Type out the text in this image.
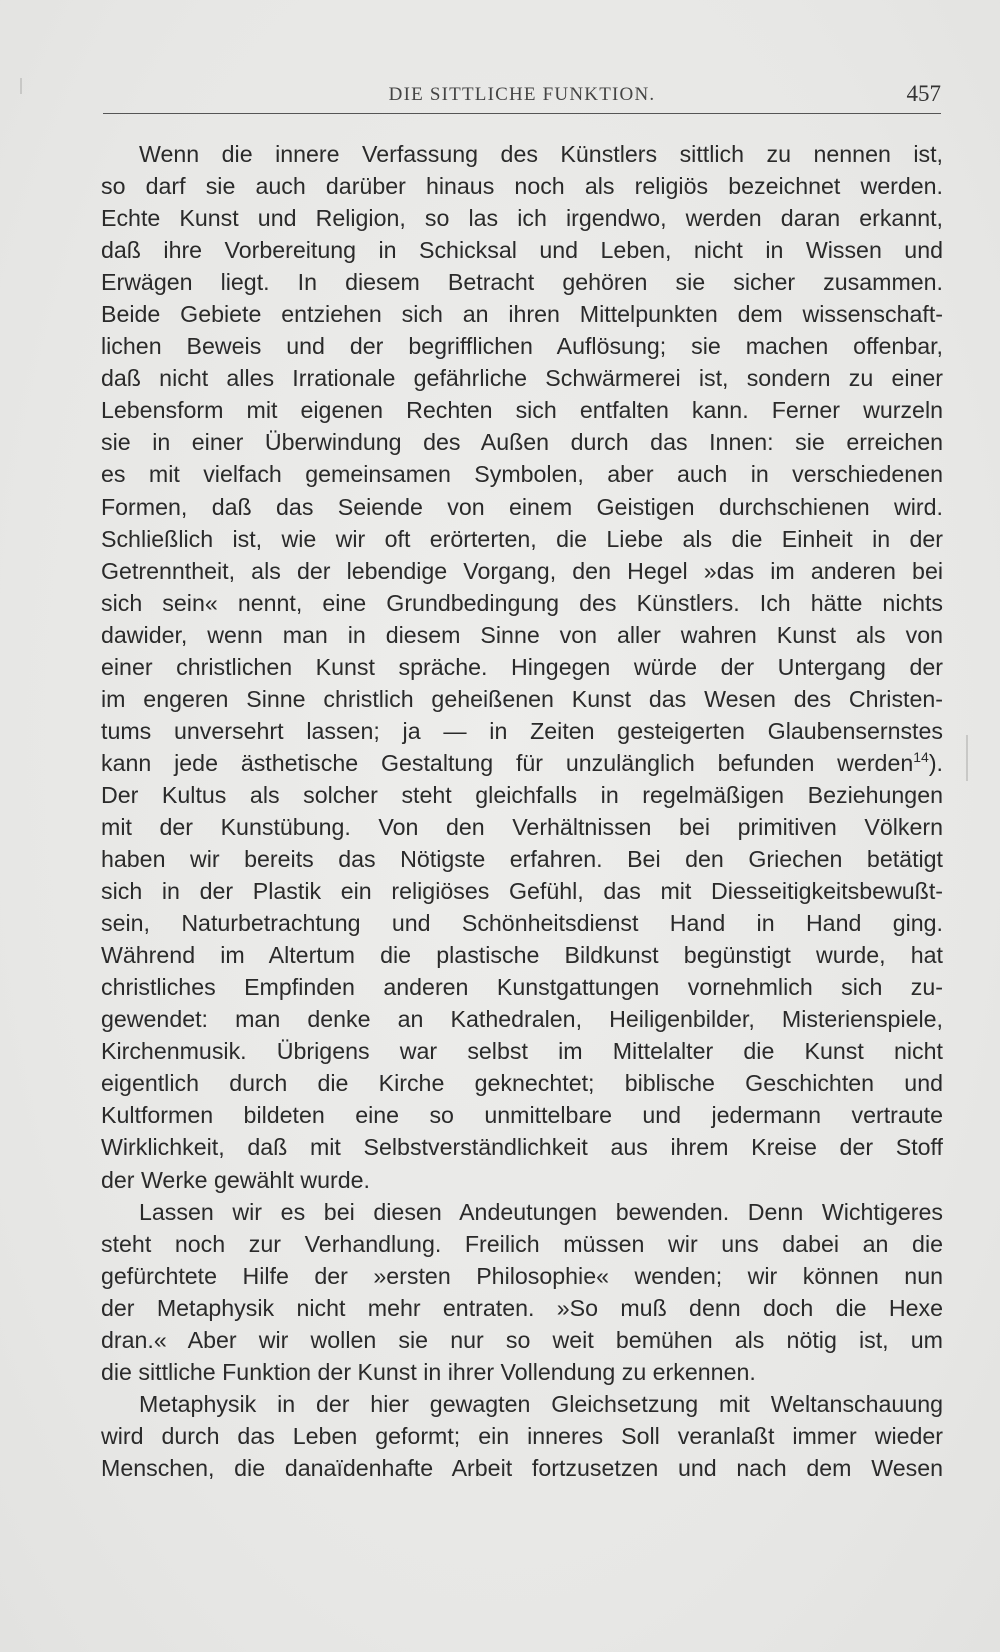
DIE SITTLICHE FUNKTION.	457
Wenn die innere Verfassung des Künstlers sittlich zu nennen ist,
so darf sie auch darüber hinaus noch als religiös bezeichnet werden.
Echte Kunst und Religion, so las ich irgendwo, werden daran erkannt,
daß ihre Vorbereitung in Schicksal und Leben, nicht in Wissen und
Erwägen liegt. In diesem Betracht gehören sie sicher zusammen.
Beide Gebiete entziehen sich an ihren Mittelpunkten dem wissenschaft-
lichen Beweis und der begrifflichen Auflösung; sie machen offenbar,
daß nicht alles Irrationale gefährliche Schwärmerei ist, sondern zu einer
Lebensform mit eigenen Rechten sich entfalten kann. Ferner wurzeln
sie in einer Überwindung des Außen durch das Innen: sie erreichen
es mit vielfach gemeinsamen Symbolen, aber auch in verschiedenen
Formen, daß das Seiende von einem Geistigen durchschienen wird.
Schließlich ist, wie wir oft erörterten, die Liebe als die Einheit in der
Getrenntheit, als der lebendige Vorgang, den Hegel »das im anderen bei
sich sein« nennt, eine Grundbedingung des Künstlers. Ich hätte nichts
dawider, wenn man in diesem Sinne von aller wahren Kunst als von
einer christlichen Kunst spräche. Hingegen würde der Untergang der
im engeren Sinne christlich geheißenen Kunst das Wesen des Christen-
tums unversehrt lassen; ja — in Zeiten gesteigerten Glaubensernstes
kann jede ästhetische Gestaltung für unzulänglich befunden werden$^{14}$).
Der Kultus als solcher steht gleichfalls in regelmäßigen Beziehungen
mit der Kunstübung. Von den Verhältnissen bei primitiven Völkern
haben wir bereits das Nötigste erfahren. Bei den Griechen betätigt
sich in der Plastik ein religiöses Gefühl, das mit Diesseitigkeitsbewußt-
sein, Naturbetrachtung und Schönheitsdienst Hand in Hand ging.
Während im Altertum die plastische Bildkunst begünstigt wurde, hat
christliches Empfinden anderen Kunstgattungen vornehmlich sich zu-
gewendet: man denke an Kathedralen, Heiligenbilder, Misterienspiele,
Kirchenmusik. Übrigens war selbst im Mittelalter die Kunst nicht
eigentlich durch die Kirche geknechtet; biblische Geschichten und
Kultformen bildeten eine so unmittelbare und jedermann vertraute
Wirklichkeit, daß mit Selbstverständlichkeit aus ihrem Kreise der Stoff
der Werke gewählt wurde.
Lassen wir es bei diesen Andeutungen bewenden. Denn Wichtigeres
steht noch zur Verhandlung. Freilich müssen wir uns dabei an die
gefürchtete Hilfe der »ersten Philosophie« wenden; wir können nun
der Metaphysik nicht mehr entraten. »So muß denn doch die Hexe
dran.« Aber wir wollen sie nur so weit bemühen als nötig ist, um
die sittliche Funktion der Kunst in ihrer Vollendung zu erkennen.
Metaphysik in der hier gewagten Gleichsetzung mit Weltanschauung
wird durch das Leben geformt; ein inneres Soll veranlaßt immer wieder
Menschen, die danaïdenhafte Arbeit fortzusetzen und nach dem Wesen
